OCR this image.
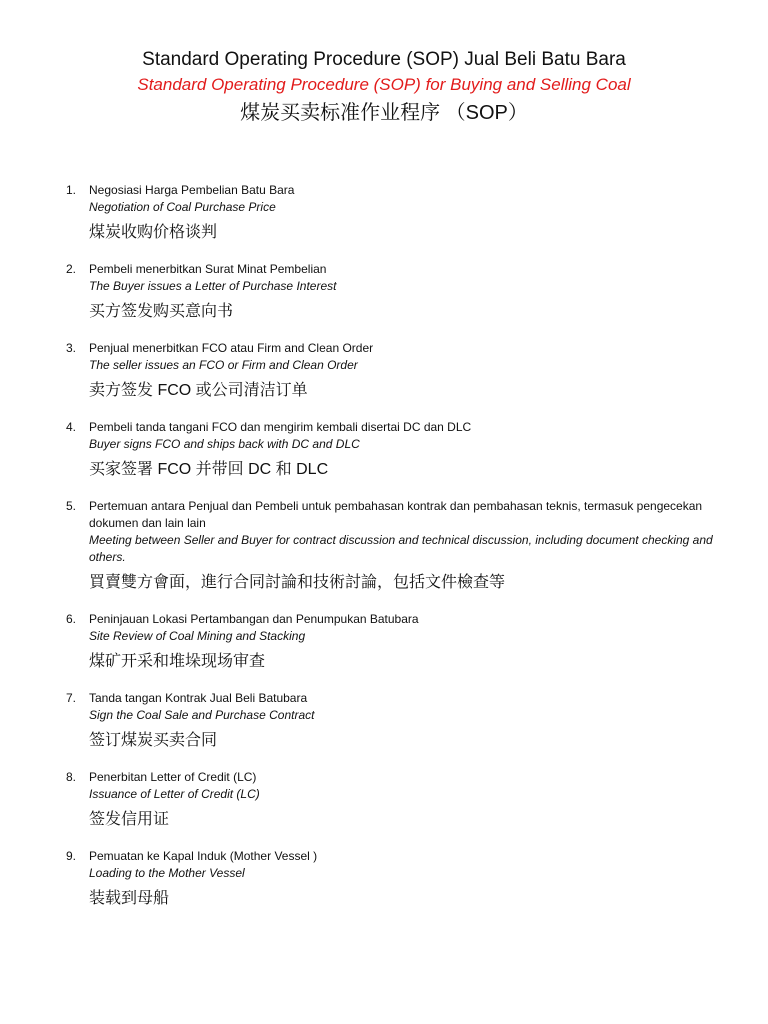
Standard Operating Procedure (SOP) Jual Beli Batu Bara
Standard Operating Procedure (SOP) for Buying and Selling Coal
煤炭买卖标准作业程序 （SOP）
1. Negosiasi Harga Pembelian Batu Bara
Negotiation of Coal Purchase Price
煤炭收购价格谈判
2. Pembeli menerbitkan Surat Minat Pembelian
The Buyer issues a Letter of Purchase Interest
买方签发购买意向书
3. Penjual menerbitkan FCO atau Firm and Clean Order
The seller issues an FCO or Firm and Clean Order
卖方签发 FCO 或公司清洁订单
4. Pembeli tanda tangani FCO dan mengirim kembali disertai DC dan DLC
Buyer signs FCO and ships back with DC and DLC
买家签署 FCO 并带回 DC 和 DLC
5. Pertemuan antara Penjual dan Pembeli untuk pembahasan kontrak dan pembahasan teknis, termasuk pengecekan dokumen dan lain lain
Meeting between Seller and Buyer for contract discussion and technical discussion, including document checking and others.
買賣雙方會面，進行合同討論和技術討論，包括文件檢查等
6. Peninjauan Lokasi Pertambangan dan Penumpukan Batubara
Site Review of Coal Mining and Stacking
煤矿开采和堆垛现场审查
7. Tanda tangan Kontrak Jual Beli Batubara
Sign the Coal Sale and Purchase Contract
签订煤炭买卖合同
8. Penerbitan Letter of Credit (LC)
Issuance of Letter of Credit (LC)
签发信用证
9. Pemuatan ke Kapal Induk (Mother Vessel )
Loading to the Mother Vessel
装载到母船
